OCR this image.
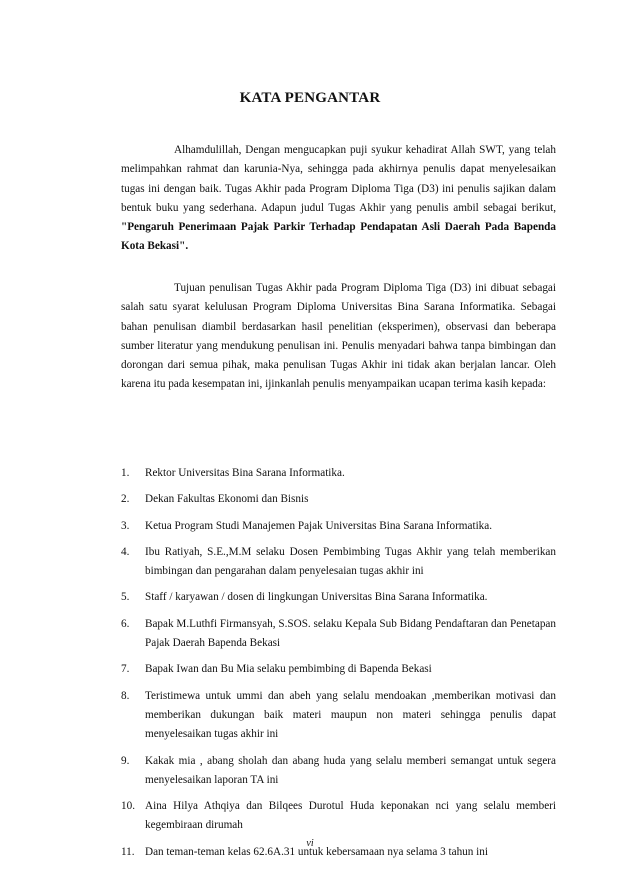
KATA PENGANTAR

Alhamdulillah, Dengan mengucapkan puji syukur kehadirat Allah SWT, yang telah melimpahkan rahmat dan karunia-Nya, sehingga pada akhirnya penulis dapat menyelesaikan tugas ini dengan baik. Tugas Akhir pada Program Diploma Tiga (D3) ini penulis sajikan dalam bentuk buku yang sederhana. Adapun judul Tugas Akhir yang penulis ambil sebagai berikut, "Pengaruh Penerimaan Pajak Parkir Terhadap Pendapatan Asli Daerah Pada Bapenda Kota Bekasi".

Tujuan penulisan Tugas Akhir pada Program Diploma Tiga (D3) ini dibuat sebagai salah satu syarat kelulusan Program Diploma Universitas Bina Sarana Informatika. Sebagai bahan penulisan diambil berdasarkan hasil penelitian (eksperimen), observasi dan beberapa sumber literatur yang mendukung penulisan ini. Penulis menyadari bahwa tanpa bimbingan dan dorongan dari semua pihak, maka penulisan Tugas Akhir ini tidak akan berjalan lancar. Oleh karena itu pada kesempatan ini, ijinkanlah penulis menyampaikan ucapan terima kasih kepada:

1. Rektor Universitas Bina Sarana Informatika.
2. Dekan Fakultas Ekonomi dan Bisnis
3. Ketua Program Studi Manajemen Pajak Universitas Bina Sarana Informatika.
4. Ibu Ratiyah, S.E.,M.M selaku Dosen Pembimbing Tugas Akhir yang telah memberikan bimbingan dan pengarahan dalam penyelesaian tugas akhir ini
5. Staff / karyawan / dosen di lingkungan Universitas Bina Sarana Informatika.
6. Bapak M.Luthfi Firmansyah, S.SOS. selaku Kepala Sub Bidang Pendaftaran dan Penetapan Pajak Daerah Bapenda Bekasi
7. Bapak Iwan dan Bu Mia selaku pembimbing di Bapenda Bekasi
8. Teristimewa untuk ummi dan abeh yang selalu mendoakan ,memberikan motivasi dan memberikan dukungan baik materi maupun non materi sehingga penulis dapat menyelesaikan tugas akhir ini
9. Kakak mia , abang sholah dan abang huda yang selalu memberi semangat untuk segera menyelesaikan laporan TA ini
10. Aina Hilya Athqiya dan Bilqees Durotul Huda keponakan nci yang selalu memberi kegembiraan dirumah
11. Dan teman-teman kelas 62.6A.31 untuk kebersamaan nya selama 3 tahun ini
vi
